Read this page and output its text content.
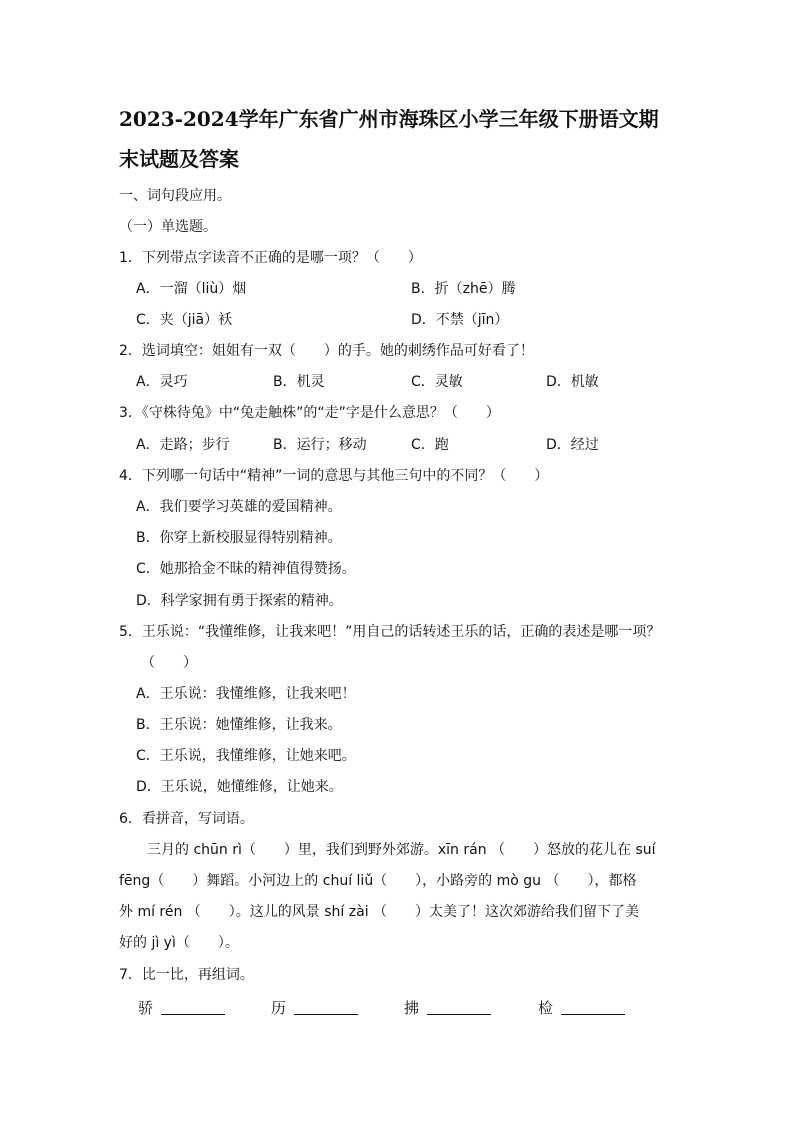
2023-2024学年广东省广州市海珠区小学三年级下册语文期
末试题及答案
一、词句段应用。
（一）单选题。
1．下列带点字读音不正确的是哪一项？（　　）
A．一溜（liù）烟	B．折（zhē）腾
C．夹（jiā）袄	D．不禁（jīn）
2．选词填空：姐姐有一双（　　）的手。她的刺绣作品可好看了！
A．灵巧	B．机灵	C．灵敏	D．机敏
3．《守株待兔》中“兔走触株”的“走”字是什么意思？（　　）
A．走路；步行	B．运行；移动	C．跑	D．经过
4．下列哪一句话中“精神”一词的意思与其他三句中的不同？（　　）
A．我们要学习英雄的爱国精神。
B．你穿上新校服显得特别精神。
C．她那拾金不昧的精神值得赞扬。
D．科学家拥有勇于探索的精神。
5．王乐说：“我懂维修，让我来吧！”用自己的话转述王乐的话，正确的表述是哪一项？
（　　）
A．王乐说：我懂维修，让我来吧！
B．王乐说：她懂维修，让我来。
C．王乐说，我懂维修，让她来吧。
D．王乐说，她懂维修，让她来。
6．看拼音，写词语。
　　三月的 chūn rì（　　）里，我们到野外郊游。xīn rán （　　）怒放的花儿在 suí
fēng（　　）舞蹈。小河边上的 chuí liǔ（　　），小路旁的 mò gu （　　），都格
外 mí rén （　　）。这儿的风景 shí zài （　　）太美了！这次郊游给我们留下了美
好的 jì yì（　　）。
7．比一比，再组词。
骄	历	拂	检
